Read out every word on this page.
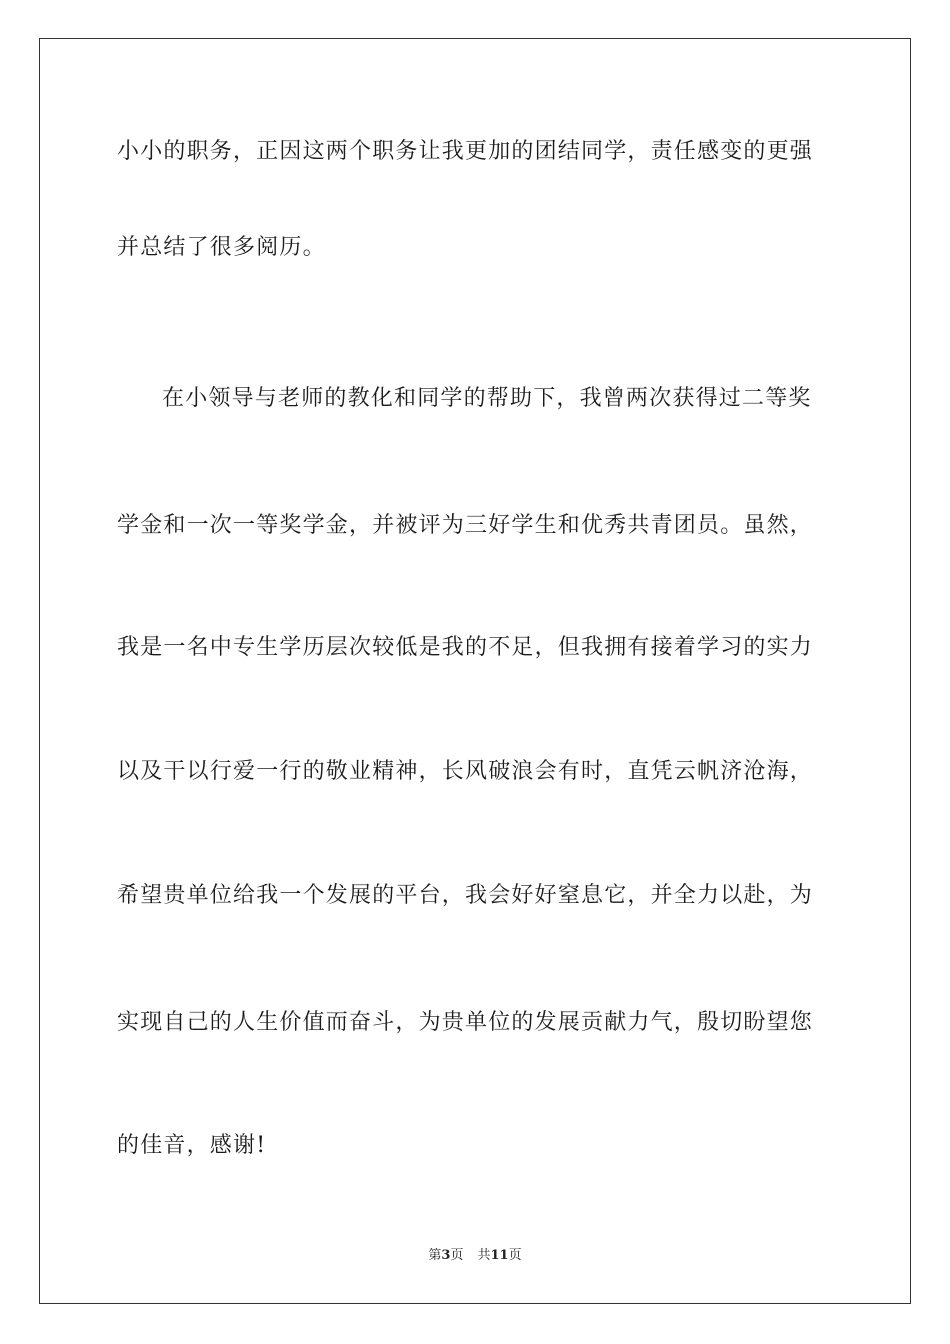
小小的职务，正因这两个职务让我更加的团结同学，责任感变的更强
并总结了很多阅历。
在小领导与老师的教化和同学的帮助下，我曾两次获得过二等奖
学金和一次一等奖学金，并被评为三好学生和优秀共青团员。虽然，
我是一名中专生学历层次较低是我的不足，但我拥有接着学习的实力
以及干以行爱一行的敬业精神，长风破浪会有时，直凭云帆济沧海，
希望贵单位给我一个发展的平台，我会好好窒息它，并全力以赴，为
实现自己的人生价值而奋斗，为贵单位的发展贡献力气，殷切盼望您
的佳音，感谢!
第3页 共11页
